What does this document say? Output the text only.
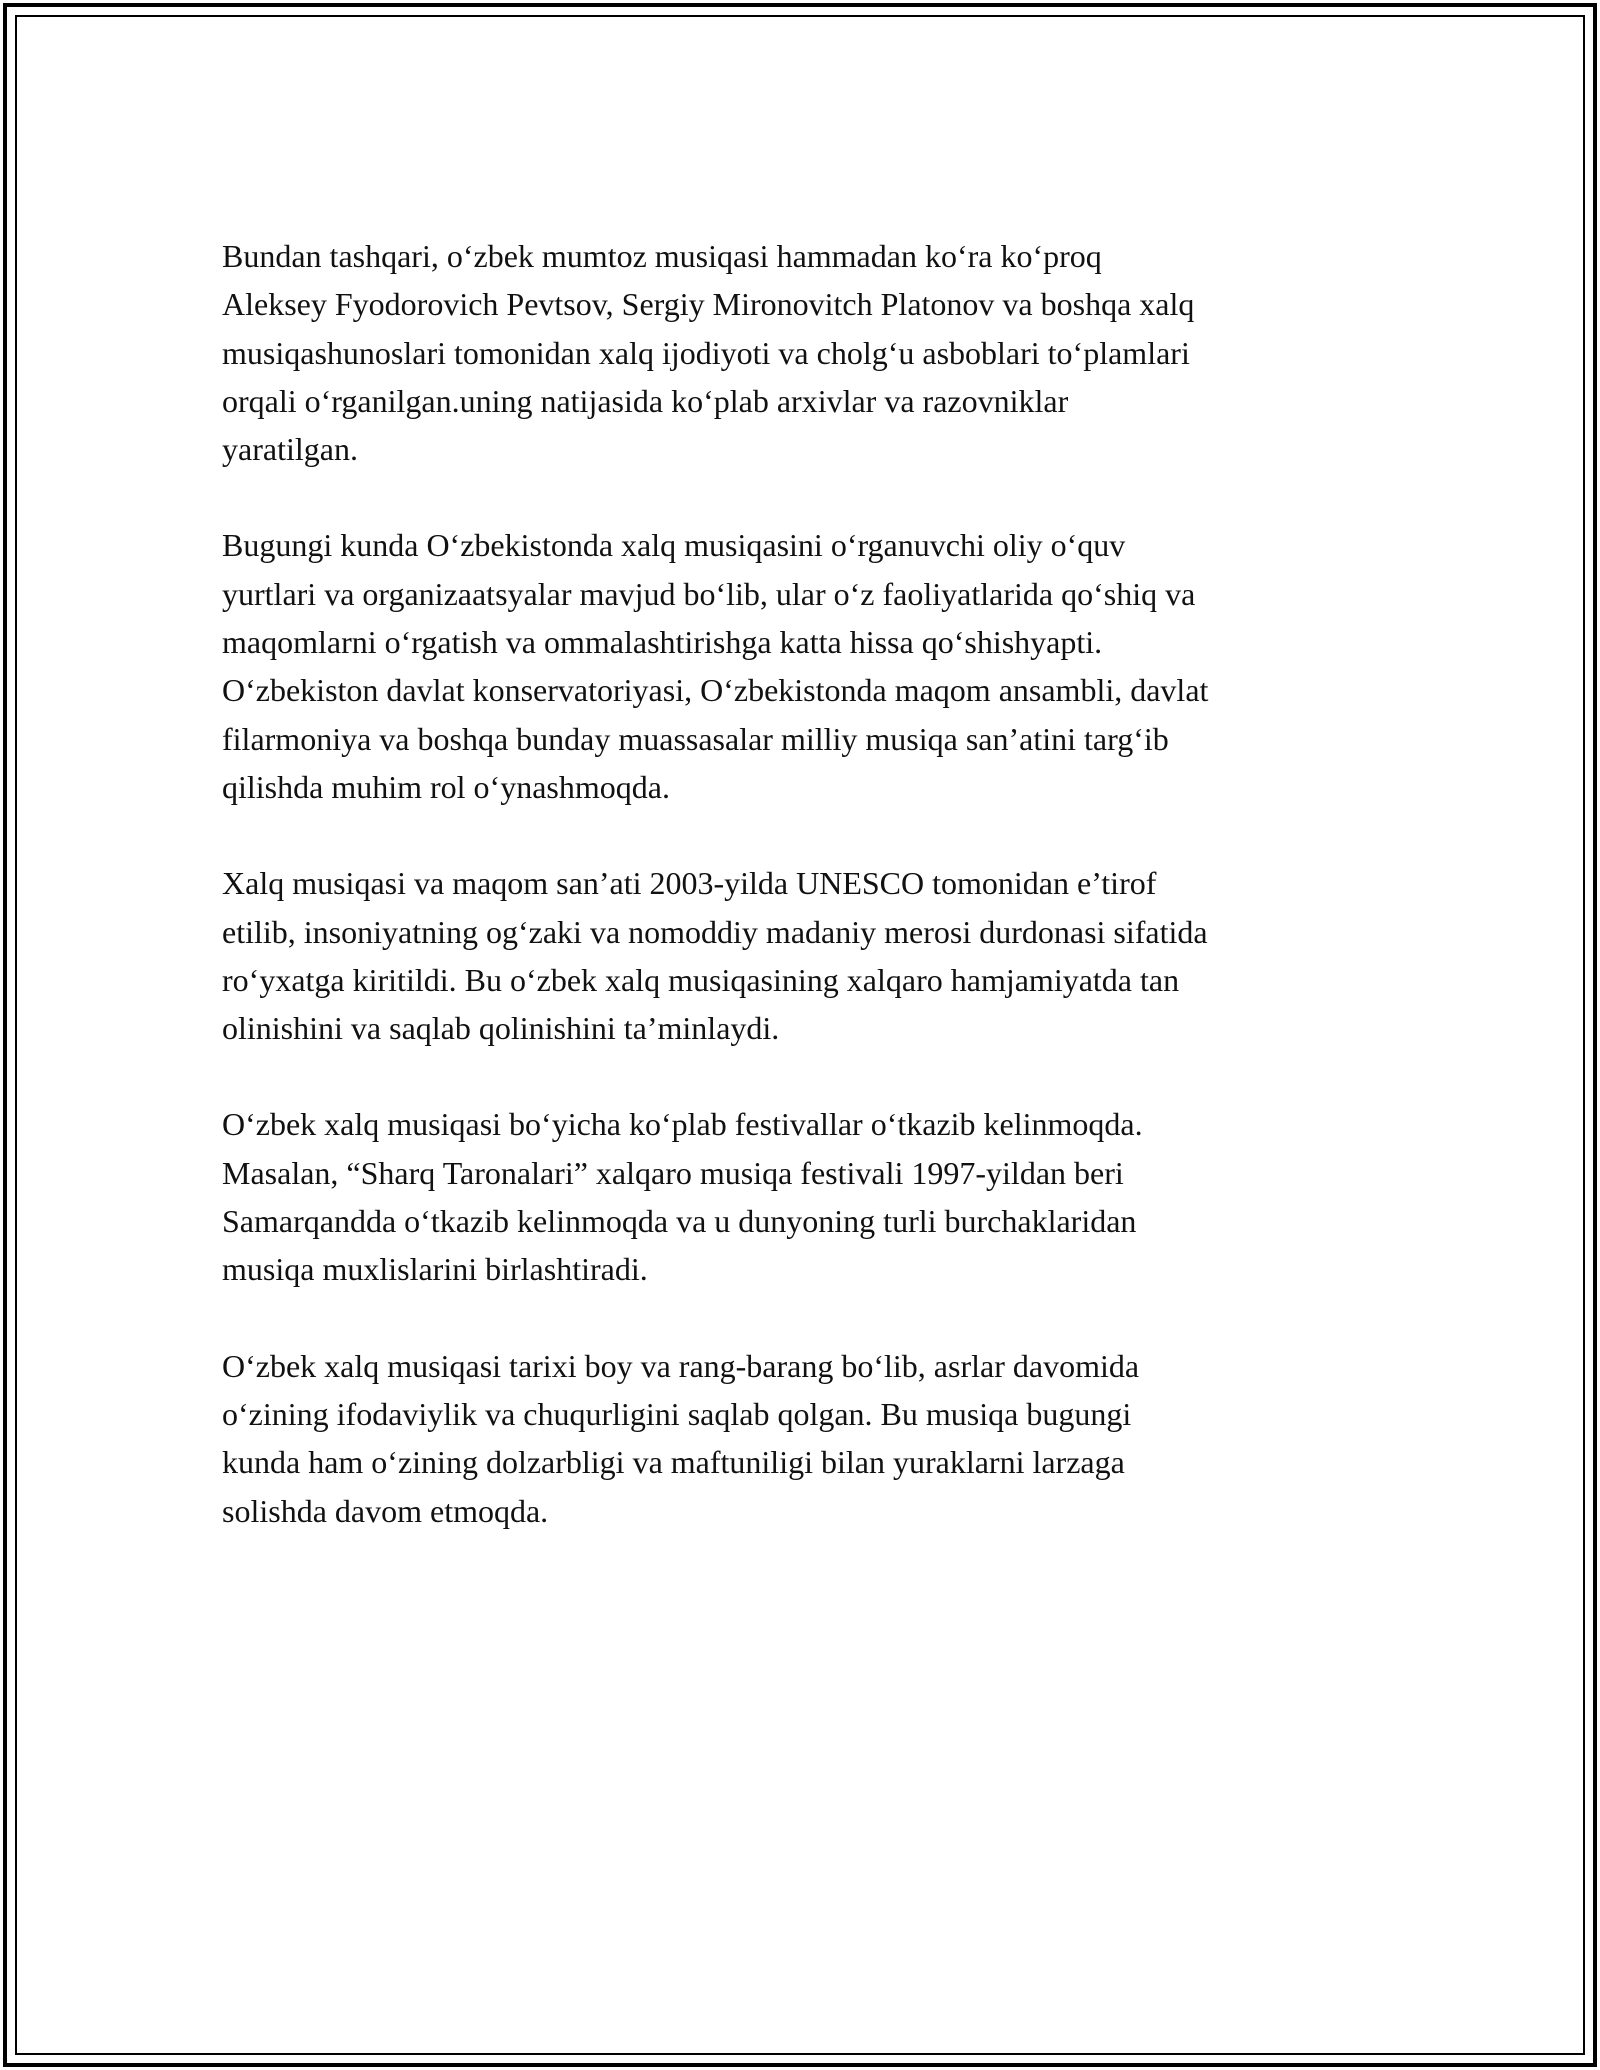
Bundan tashqari, o‘zbek mumtoz musiqasi hammadan ko‘ra ko‘proq
Aleksey Fyodorovich Pevtsov, Sergiy Mironovitch Platonov va boshqa xalq
musiqashunoslari tomonidan xalq ijodiyoti va cholg‘u asboblari to‘plamlari
orqali o‘rganilgan.uning natijasida ko‘plab arxivlar va razovniklar
yaratilgan.

Bugungi kunda O‘zbekistonda xalq musiqasini o‘rganuvchi oliy o‘quv
yurtlari va organizaatsyalar mavjud bo‘lib, ular o‘z faoliyatlarida qo‘shiq va
maqomlarni o‘rgatish va ommalashtirishga katta hissa qo‘shishyapti.
O‘zbekiston davlat konservatoriyasi, O‘zbekistonda maqom ansambli, davlat
filarmoniya va boshqa bunday muassasalar milliy musiqa san’atini targ‘ib
qilishda muhim rol o‘ynashmoqda.

Xalq musiqasi va maqom san’ati 2003-yilda UNESCO tomonidan e’tirof
etilib, insoniyatning og‘zaki va nomoddiy madaniy merosi durdonasi sifatida
ro‘yxatga kiritildi. Bu o‘zbek xalq musiqasining xalqaro hamjamiyatda tan
olinishini va saqlab qolinishini ta’minlaydi.

O‘zbek xalq musiqasi bo‘yicha ko‘plab festivallar o‘tkazib kelinmoqda.
Masalan, “Sharq Taronalari” xalqaro musiqa festivali 1997-yildan beri
Samarqandda o‘tkazib kelinmoqda va u dunyoning turli burchaklaridan
musiqa muxlislarini birlashtiradi.

O‘zbek xalq musiqasi tarixi boy va rang-barang bo‘lib, asrlar davomida
o‘zining ifodaviylik va chuqurligini saqlab qolgan. Bu musiqa bugungi
kunda ham o‘zining dolzarbligi va maftuniligi bilan yuraklarni larzaga
solishda davom etmoqda.
